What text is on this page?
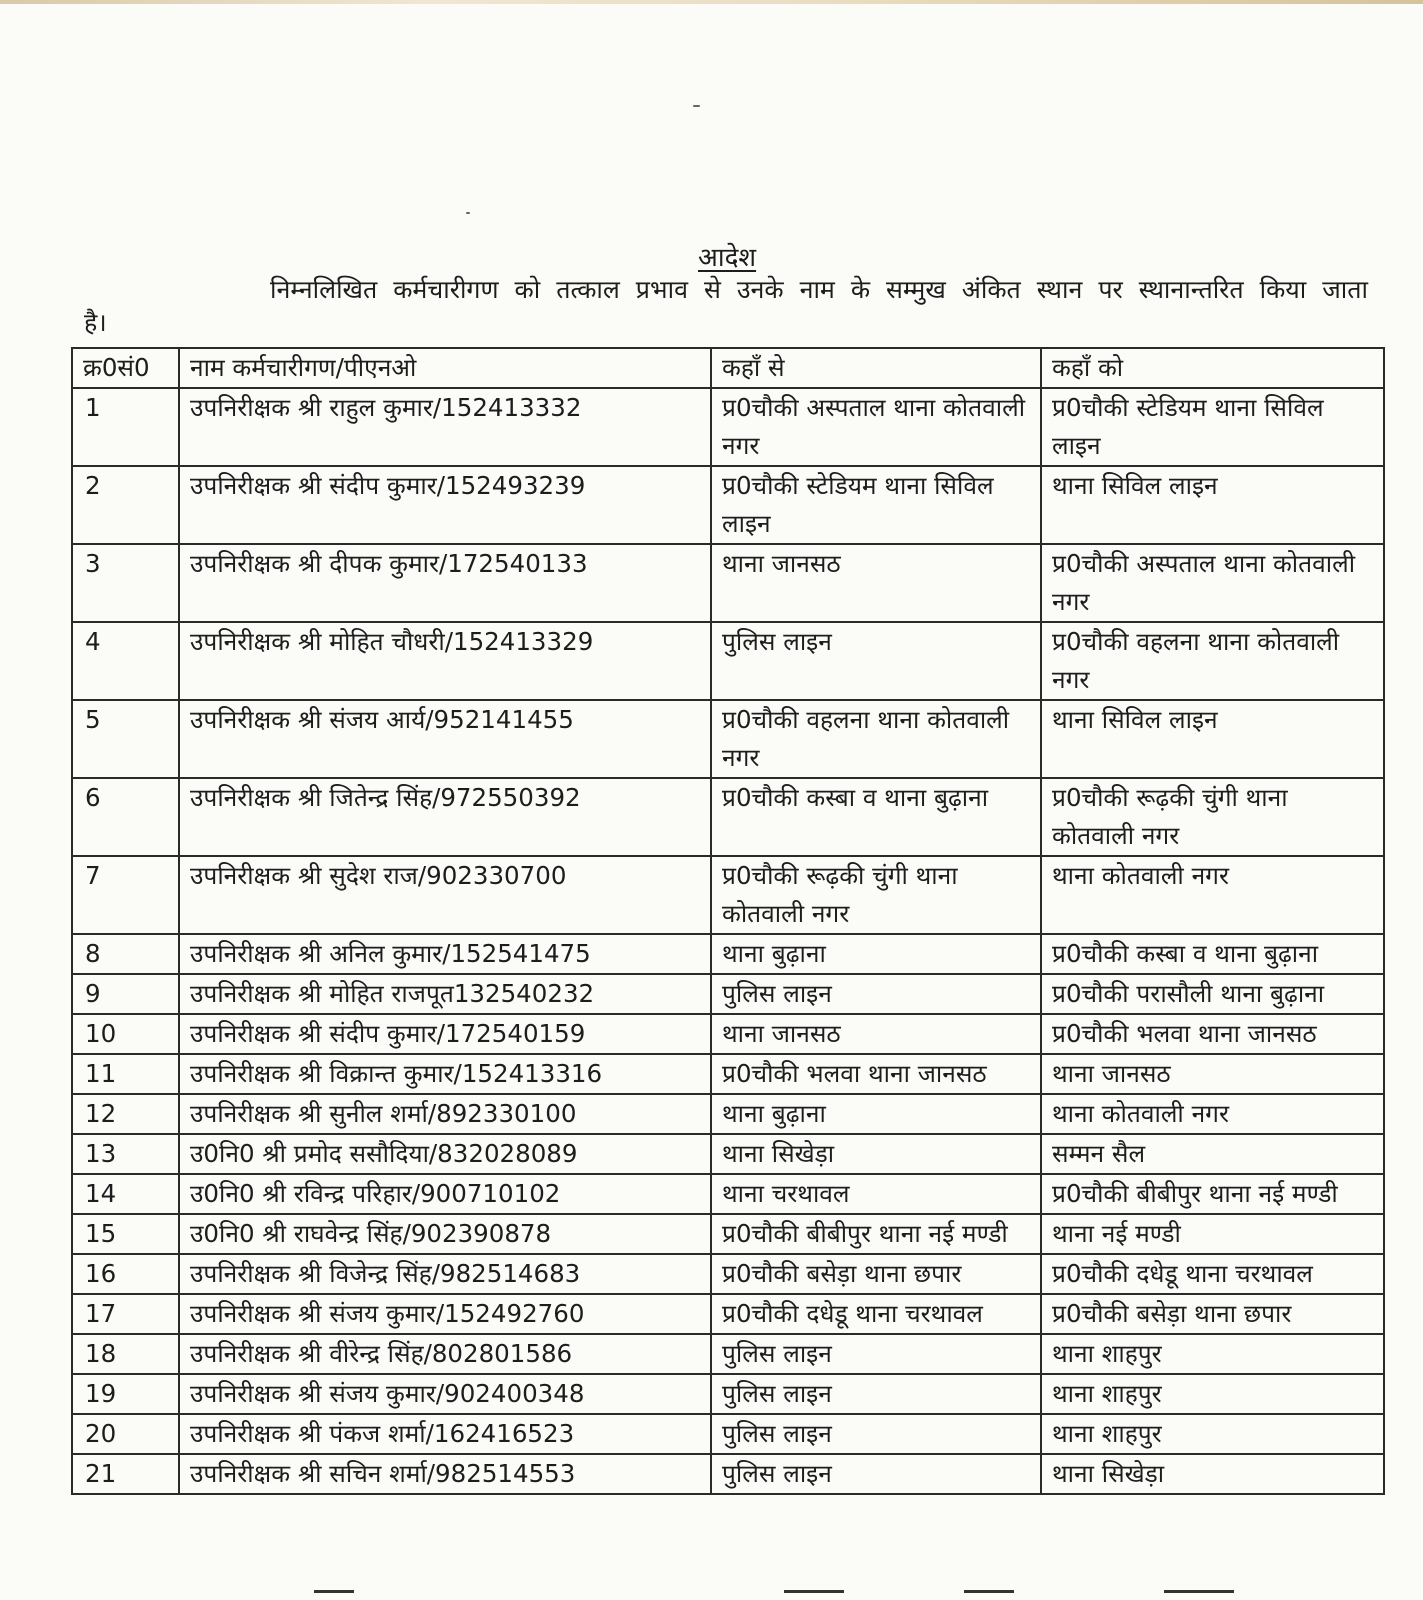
आदेश
निम्नलिखित कर्मचारीगण को तत्काल प्रभाव से उनके नाम के सम्मुख अंकित स्थान पर स्थानान्तरित किया जाता
है।
क्र0सं0	नाम कर्मचारीगण/पीएनओ	कहाँ से	कहाँ को
1	उपनिरीक्षक श्री राहुल कुमार/152413332	प्र0चौकी अस्पताल थाना कोतवाली नगर	प्र0चौकी स्टेडियम थाना सिविल लाइन
2	उपनिरीक्षक श्री संदीप कुमार/152493239	प्र0चौकी स्टेडियम थाना सिविल लाइन	थाना सिविल लाइन
3	उपनिरीक्षक श्री दीपक कुमार/172540133	थाना जानसठ	प्र0चौकी अस्पताल थाना कोतवाली नगर
4	उपनिरीक्षक श्री मोहित चौधरी/152413329	पुलिस लाइन	प्र0चौकी वहलना थाना कोतवाली नगर
5	उपनिरीक्षक श्री संजय आर्य/952141455	प्र0चौकी वहलना थाना कोतवाली नगर	थाना सिविल लाइन
6	उपनिरीक्षक श्री जितेन्द्र सिंह/972550392	प्र0चौकी कस्बा व थाना बुढ़ाना	प्र0चौकी रूढ़की चुंगी थाना कोतवाली नगर
7	उपनिरीक्षक श्री सुदेश राज/902330700	प्र0चौकी रूढ़की चुंगी थाना कोतवाली नगर	थाना कोतवाली नगर
8	उपनिरीक्षक श्री अनिल कुमार/152541475	थाना बुढ़ाना	प्र0चौकी कस्बा व थाना बुढ़ाना
9	उपनिरीक्षक श्री मोहित राजपूत132540232	पुलिस लाइन	प्र0चौकी परासौली थाना बुढ़ाना
10	उपनिरीक्षक श्री संदीप कुमार/172540159	थाना जानसठ	प्र0चौकी भलवा थाना जानसठ
11	उपनिरीक्षक श्री विक्रान्त कुमार/152413316	प्र0चौकी भलवा थाना जानसठ	थाना जानसठ
12	उपनिरीक्षक श्री सुनील शर्मा/892330100	थाना बुढ़ाना	थाना कोतवाली नगर
13	उ0नि0 श्री प्रमोद ससौदिया/832028089	थाना सिखेड़ा	सम्मन सैल
14	उ0नि0 श्री रविन्द्र परिहार/900710102	थाना चरथावल	प्र0चौकी बीबीपुर थाना नई मण्डी
15	उ0नि0 श्री राघवेन्द्र सिंह/902390878	प्र0चौकी बीबीपुर थाना नई मण्डी	थाना नई मण्डी
16	उपनिरीक्षक श्री विजेन्द्र सिंह/982514683	प्र0चौकी बसेड़ा थाना छपार	प्र0चौकी दधेडू थाना चरथावल
17	उपनिरीक्षक श्री संजय कुमार/152492760	प्र0चौकी दधेडू थाना चरथावल	प्र0चौकी बसेड़ा थाना छपार
18	उपनिरीक्षक श्री वीरेन्द्र सिंह/802801586	पुलिस लाइन	थाना शाहपुर
19	उपनिरीक्षक श्री संजय कुमार/902400348	पुलिस लाइन	थाना शाहपुर
20	उपनिरीक्षक श्री पंकज शर्मा/162416523	पुलिस लाइन	थाना शाहपुर
21	उपनिरीक्षक श्री सचिन शर्मा/982514553	पुलिस लाइन	थाना सिखेड़ा
